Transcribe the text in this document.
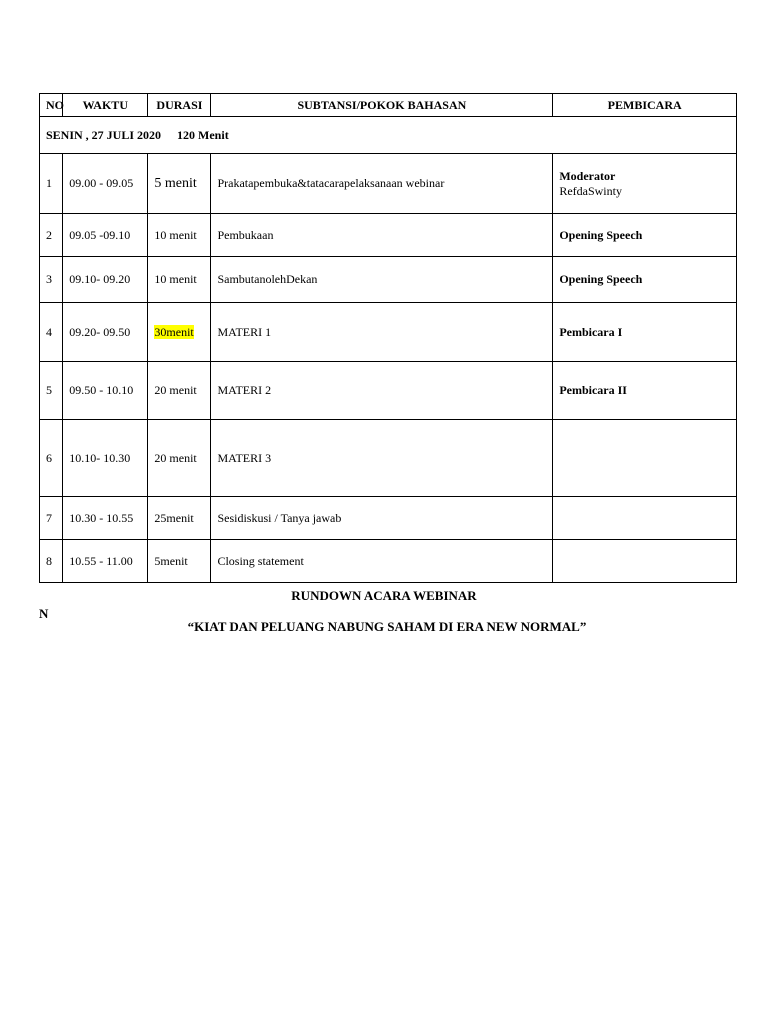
NO	WAKTU	DURASI	SUBTANSI/POKOK BAHASAN	PEMBICARA
SENIN , 27 JULI 2020 120 Menit				
1	09.00 - 09.05	5 menit	Prakatapembuka&tatacarapelaksanaan webinar	Moderator
RefdaSwinty

2	09.05 -09.10	10 menit	Pembukaan	Opening Speech
3	09.10- 09.20	10 menit	SambutanolehDekan	Opening Speech
4	09.20- 09.50	30menit	MATERI 1	Pembicara I
5	09.50 - 10.10	20 menit	MATERI 2	Pembicara II
6	10.10- 10.30	20 menit	MATERI 3	
7	10.30 - 10.55	25menit	Sesidiskusi / Tanya jawab	
8	10.55 - 11.00	5menit	Closing statement	
RUNDOWN ACARA WEBINAR
N
“KIAT DAN PELUANG NABUNG SAHAM DI ERA NEW NORMAL”
